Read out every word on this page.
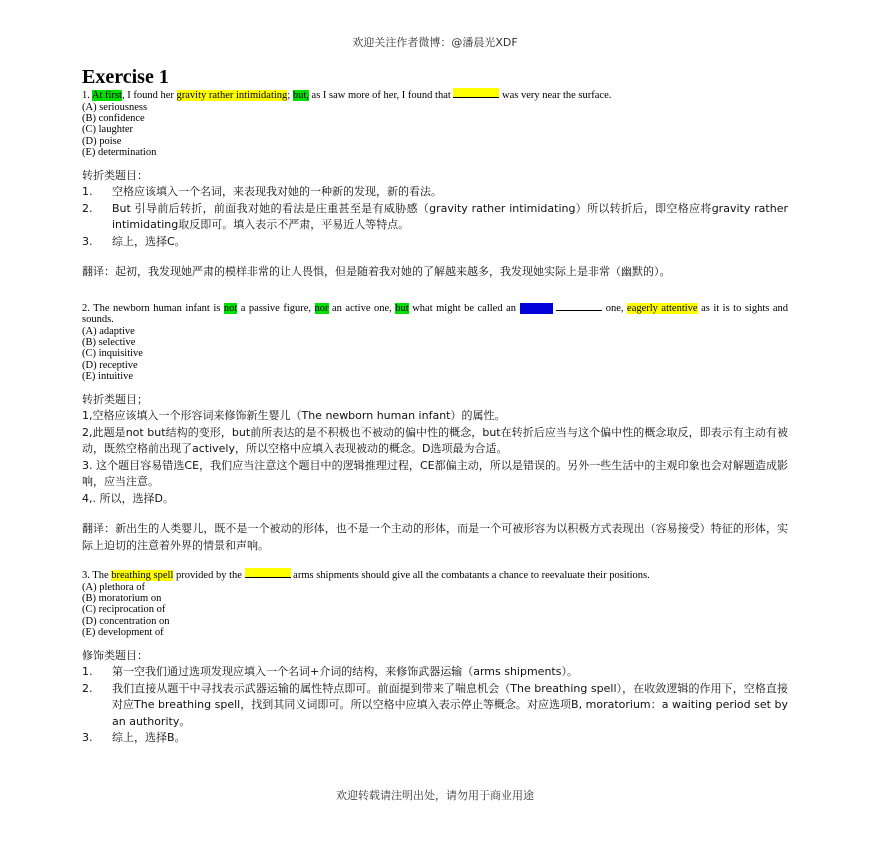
欢迎关注作者微博：@潘晨光XDF
Exercise 1

1. At first, I found her gravity rather intimidating; but, as I saw more of her, I found that	was very near the surface.

(A) seriousness

(B) confidence

(C) laughter

(D) poise

(E) determination

转折类题目：

1.	空格应该填入一个名词，来表现我对她的一种新的发现，新的看法。
2.	But 引导前后转折，前面我对她的看法是庄重甚至是有威胁感（gravity rather intimidating）所以转折后，即空格应将gravity rather intimidating取反即可。填入表示不严肃，平易近人等特点。
3.	综上，选择C。

翻译：起初，我发现她严肃的模样非常的让人畏惧，但是随着我对她的了解越来越多，我发现她实际上是非常（幽默的）。

2. The newborn human infant is not a passive figure, nor an active one, but what might be called an actively	one, eagerly attentive as it is to sights and sounds.

(A) adaptive

(B) selective

(C) inquisitive

(D) receptive

(E) intuitive

转折类题目；

1,空格应该填入一个形容词来修饰新生婴儿（The newborn human infant）的属性。

2,此题是not but结构的变形，but前所表达的是不积极也不被动的偏中性的概念，but在转折后应当与这个偏中性的概念取反，即表示有主动有被动，既然空格前出现了actively，所以空格中应填入表现被动的概念。D选项最为合适。

3. 这个题目容易错选CE，我们应当注意这个题目中的逻辑推理过程，CE都偏主动，所以是错误的。另外一些生活中的主观印象也会对解题造成影响，应当注意。

4,. 所以，选择D。

翻译：新出生的人类婴儿，既不是一个被动的形体，也不是一个主动的形体，而是一个可被形容为以积极方式表现出（容易接受）特征的形体，实际上迫切的注意着外界的情景和声响。

3. The breathing spell provided by the	arms shipments should give all the combatants a chance to reevaluate their positions.

(A) plethora of

(B) moratorium on

(C) reciprocation of

(D) concentration on

(E) development of

修饰类题目：

1.	第一空我们通过选项发现应填入一个名词+介词的结构，来修饰武器运输（arms shipments）。
2.	我们直接从题干中寻找表示武器运输的属性特点即可。前面提到带来了喘息机会（The breathing spell），在收敛逻辑的作用下，空格直接对应The breathing spell，找到其同义词即可。所以空格中应填入表示停止等概念。对应选项B, moratorium：a waiting period set by an authority。
3.	综上，选择B。
欢迎转载请注明出处，请勿用于商业用途
